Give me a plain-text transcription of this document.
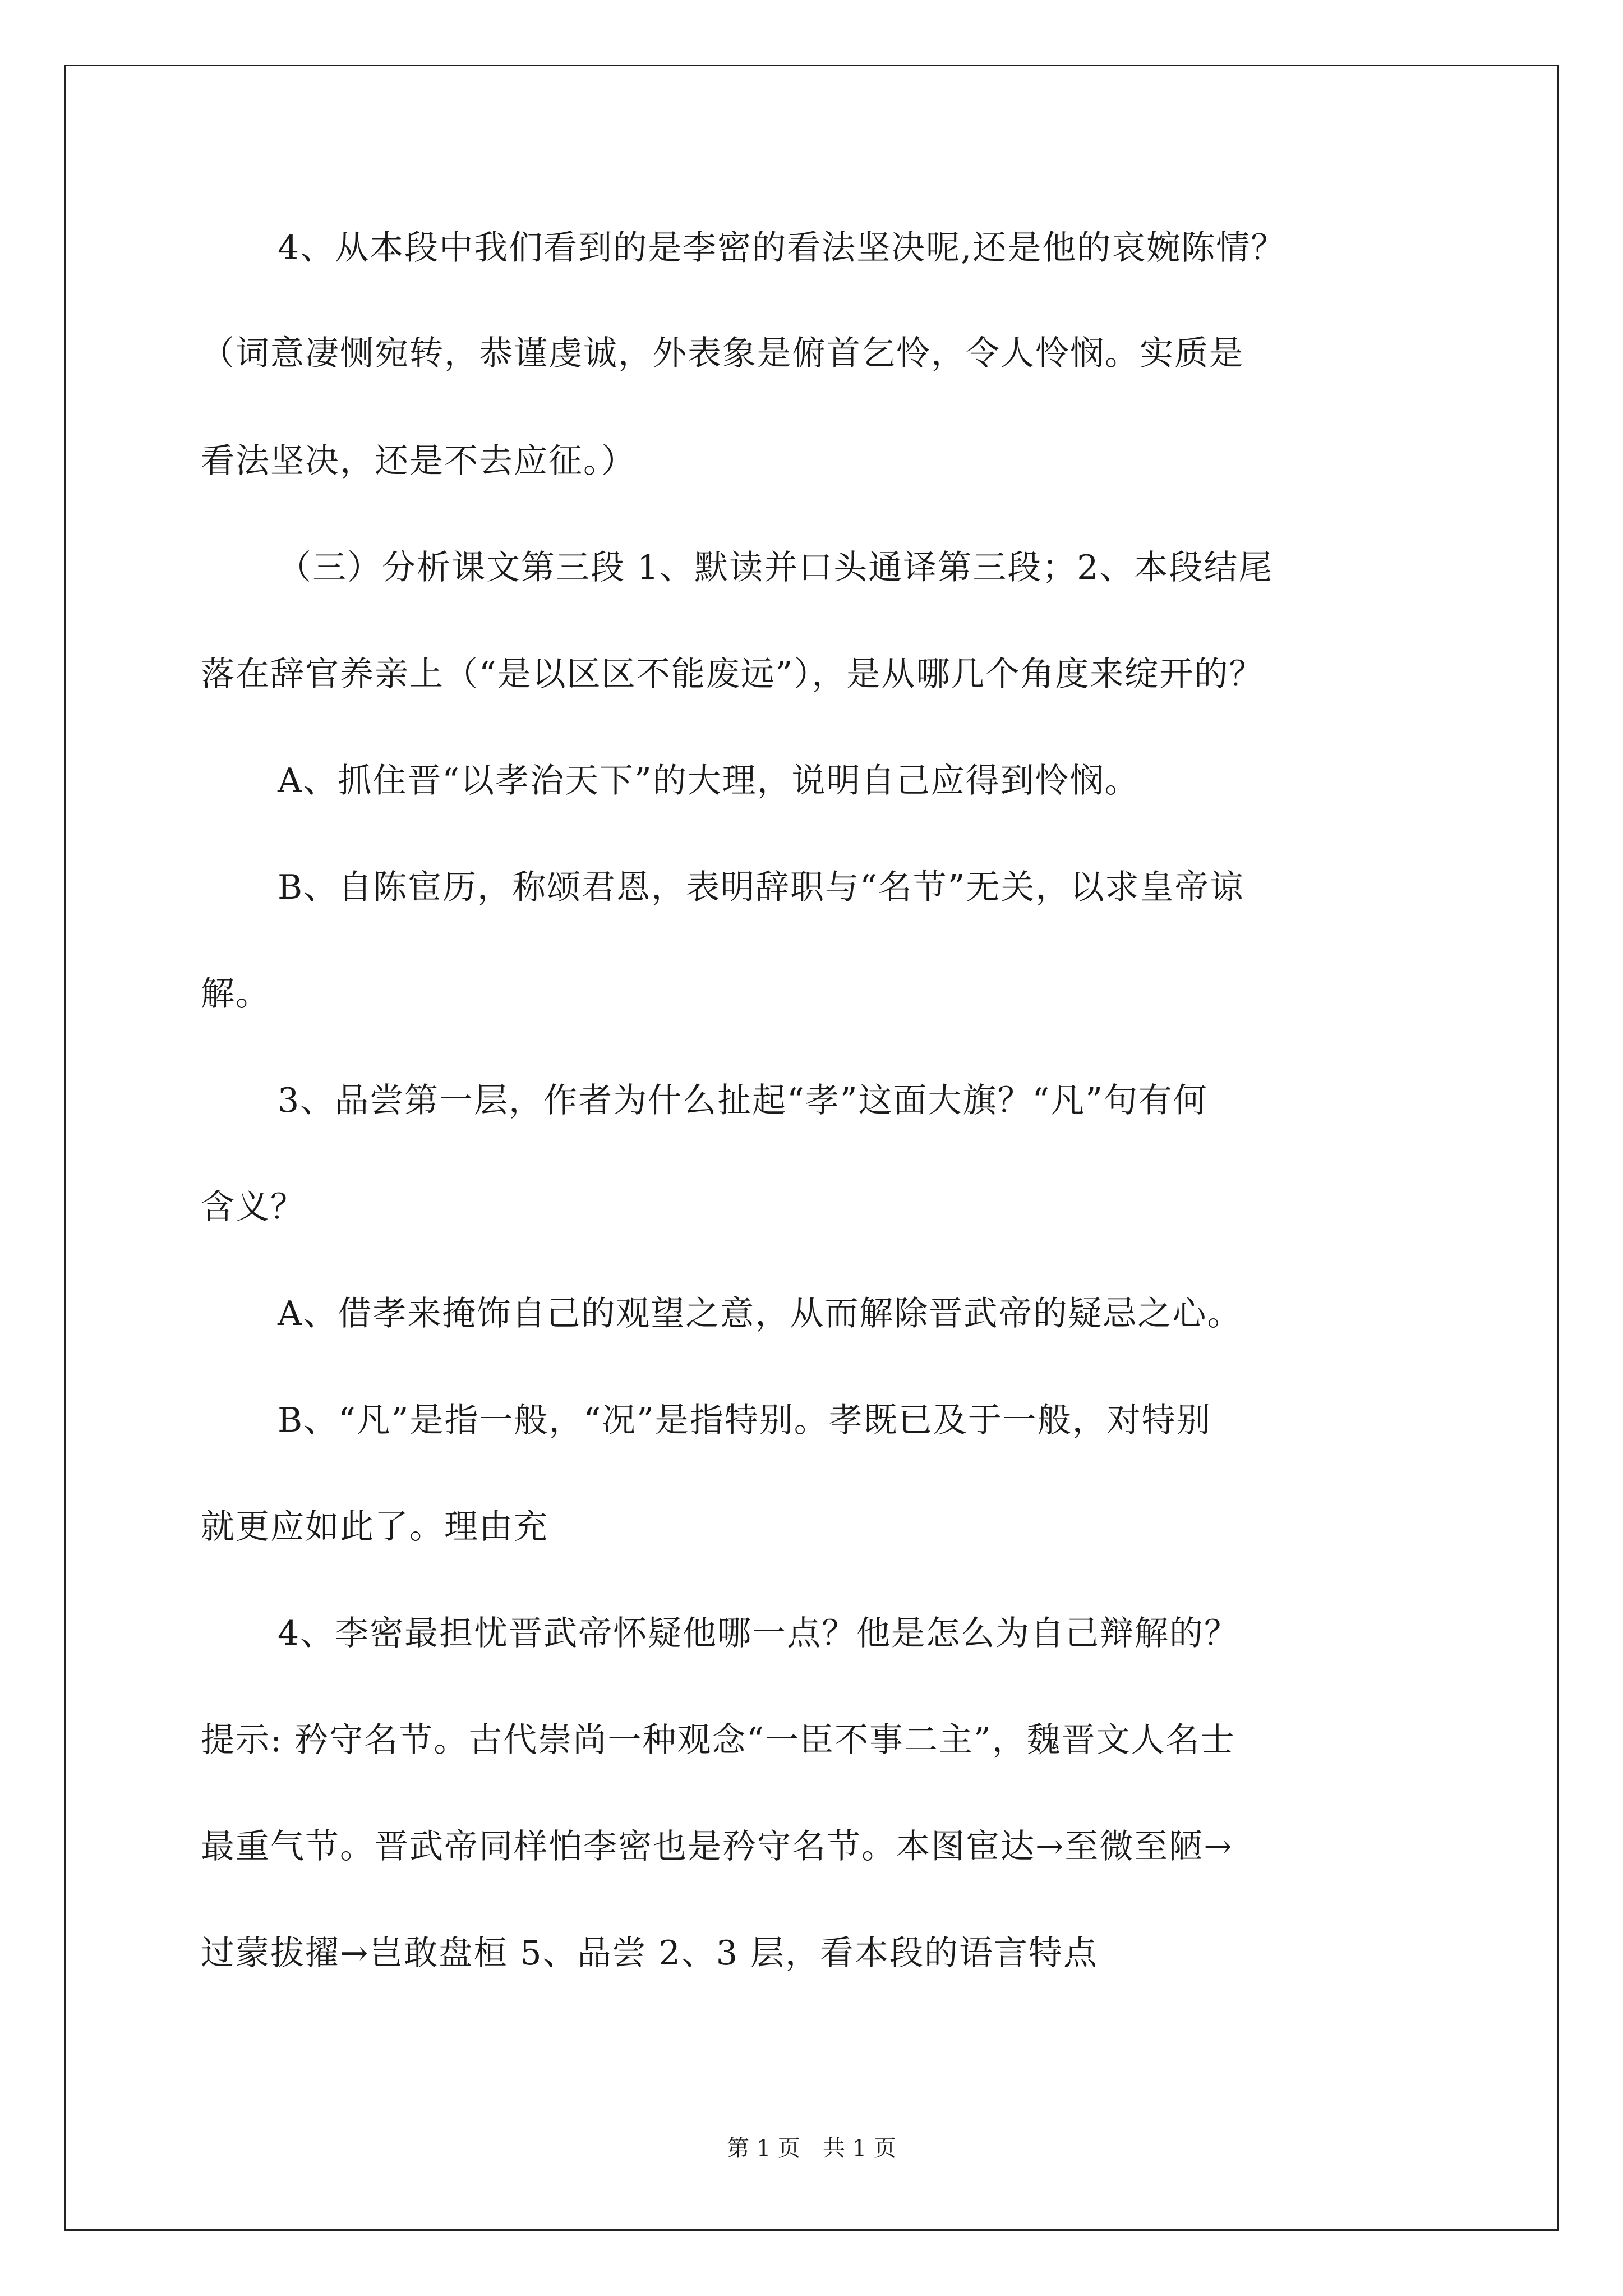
4、从本段中我们看到的是李密的看法坚决呢,还是他的哀婉陈情？
（词意凄恻宛转，恭谨虔诚，外表象是俯首乞怜，令人怜悯。实质是
看法坚决，还是不去应征。）
（三）分析课文第三段 1、默读并口头通译第三段；2、本段结尾
落在辞官养亲上（“是以区区不能废远”），是从哪几个角度来绽开的？
A、抓住晋“以孝治天下”的大理，说明自己应得到怜悯。
B、自陈宦历，称颂君恩，表明辞职与“名节”无关，以求皇帝谅
解。
3、品尝第一层，作者为什么扯起“孝”这面大旗？“凡”句有何
含义？
A、借孝来掩饰自己的观望之意，从而解除晋武帝的疑忌之心。
B、“凡”是指一般，“况”是指特别。孝既已及于一般，对特别
就更应如此了。理由充
4、李密最担忧晋武帝怀疑他哪一点？他是怎么为自己辩解的？
提示: 矜守名节。古代崇尚一种观念“一臣不事二主”，魏晋文人名士
最重气节。晋武帝同样怕李密也是矜守名节。本图宦达→至微至陋→
过蒙拔擢→岂敢盘桓 5、品尝 2、3 层，看本段的语言特点
第 1 页　共 1 页
